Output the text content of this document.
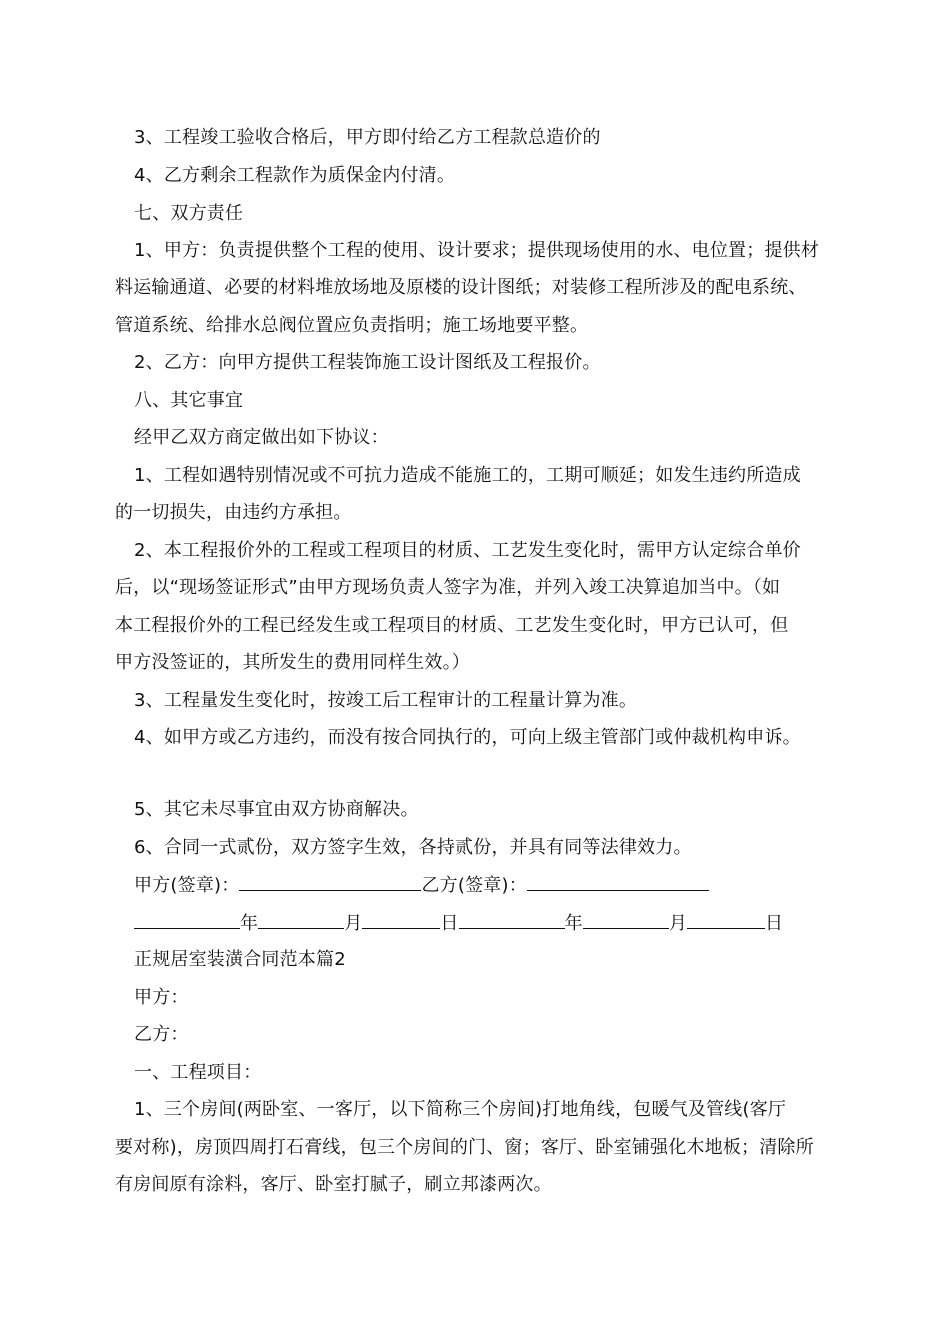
3、工程竣工验收合格后，甲方即付给乙方工程款总造价的
4、乙方剩余工程款作为质保金内付清。
七、双方责任
1、甲方：负责提供整个工程的使用、设计要求；提供现场使用的水、电位置；提供材
料运输通道、必要的材料堆放场地及原楼的设计图纸；对装修工程所涉及的配电系统、
管道系统、给排水总阀位置应负责指明；施工场地要平整。
2、乙方：向甲方提供工程装饰施工设计图纸及工程报价。
八、其它事宜
经甲乙双方商定做出如下协议：
1、工程如遇特别情况或不可抗力造成不能施工的，工期可顺延；如发生违约所造成
的一切损失，由违约方承担。
2、本工程报价外的工程或工程项目的材质、工艺发生变化时，需甲方认定综合单价
后，以“现场签证形式”由甲方现场负责人签字为准，并列入竣工决算追加当中。（如
本工程报价外的工程已经发生或工程项目的材质、工艺发生变化时，甲方已认可，但
甲方没签证的，其所发生的费用同样生效。）
3、工程量发生变化时，按竣工后工程审计的工程量计算为准。
4、如甲方或乙方违约，而没有按合同执行的，可向上级主管部门或仲裁机构申诉。
5、其它未尽事宜由双方协商解决。
6、合同一式贰份，双方签字生效，各持贰份，并具有同等法律效力。
甲方(签章)：	乙方(签章)：
年	月	日	年	月	日
正规居室装潢合同范本篇2
甲方：
乙方：
一、工程项目：
1、三个房间(两卧室、一客厅，以下简称三个房间)打地角线，包暖气及管线(客厅
要对称)，房顶四周打石膏线，包三个房间的门、窗；客厅、卧室铺强化木地板；清除所
有房间原有涂料，客厅、卧室打腻子，刷立邦漆两次。
